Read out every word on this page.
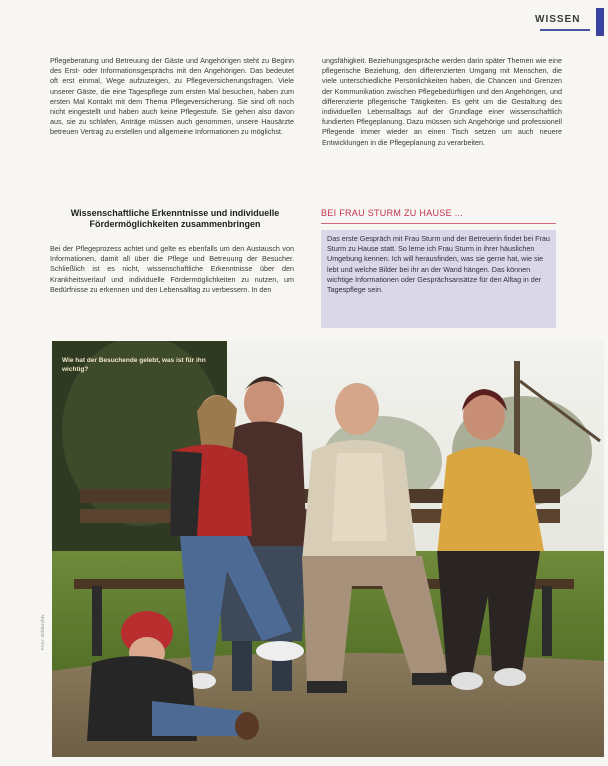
WISSEN

Pflegeberatung und Betreuung der Gäste und Angehörigen steht zu Beginn des Erst- oder Informationsgesprächs mit den Angehörigen. Das bedeutet oft erst einmal, Wege aufzuzeigen, zu Pflegeversicherungsfragen. Viele unserer Gäste, die eine Tagespflege zum ersten Mal besuchen, haben zum ersten Mal Kontakt mit dem Thema Pflegeversicherung. Sie sind oft noch nicht eingestellt und haben auch keine Pflegestufe. Sie gehen also davon aus, sie zu schlafen, Anträge müssen auch genommen, unsere Hausärzte betreuen Vertrag zu erstellen und allgemeine Informationen zu möglichst.

ungsfähigkeit. Beziehungsgespräche werden darin später Themen wie eine pflegerische Beziehung, den differenzierten Umgang mit Menschen, die viele unterschiedliche Persönlichkeiten haben, die Chancen und Grenzen der Kommunikation zwischen Pflegebedürftigen und den Angehörigen, und differenzierte pflegerische Tätigkeiten. Es geht um die Gestaltung des individuellen Lebensalltags auf der Grundlage einer wissenschaftlich fundierten Pflegeplanung. Dazu müssen sich Angehörige und professionell Pflegende immer wieder an einen Tisch setzen um auch neuere Entwicklungen in die Pflegeplanung zu verarbeiten.

Wissenschaftliche Erkenntnisse und individuelle Fördermöglichkeiten zusammenbringen

Bei der Pflegeprozess achtet und gelte es ebenfalls um den Austausch von Informationen, damit all über die Pflege und Betreuung der Besucher. Schließlich ist es nicht, wissenschaftliche Erkenntnisse über den Krankheitsverlauf und individuelle Fördermöglichkeiten zu nutzen, um Bedürfnisse zu erkennen und den Lebensalltag zu verbessern. In den

BEI FRAU STURM ZU HAUSE ...
Das erste Gespräch mit Frau Sturm und der Betreuerin findet bei Frau Sturm zu Hause statt. So lerne ich Frau Sturm in ihrer häuslichen Umgebung kennen. Ich will herausfinden, was sie gerne hat, wie sie lebt und welche Bilder bei ihr an der Wand hängen. Das können wichtige Informationen oder Gesprächsansätze für den Alltag in der Tagespflege sein.
Wie hat der Besuchende gelebt, was ist für ihn wichtig?
Foto: Bildarchiv
